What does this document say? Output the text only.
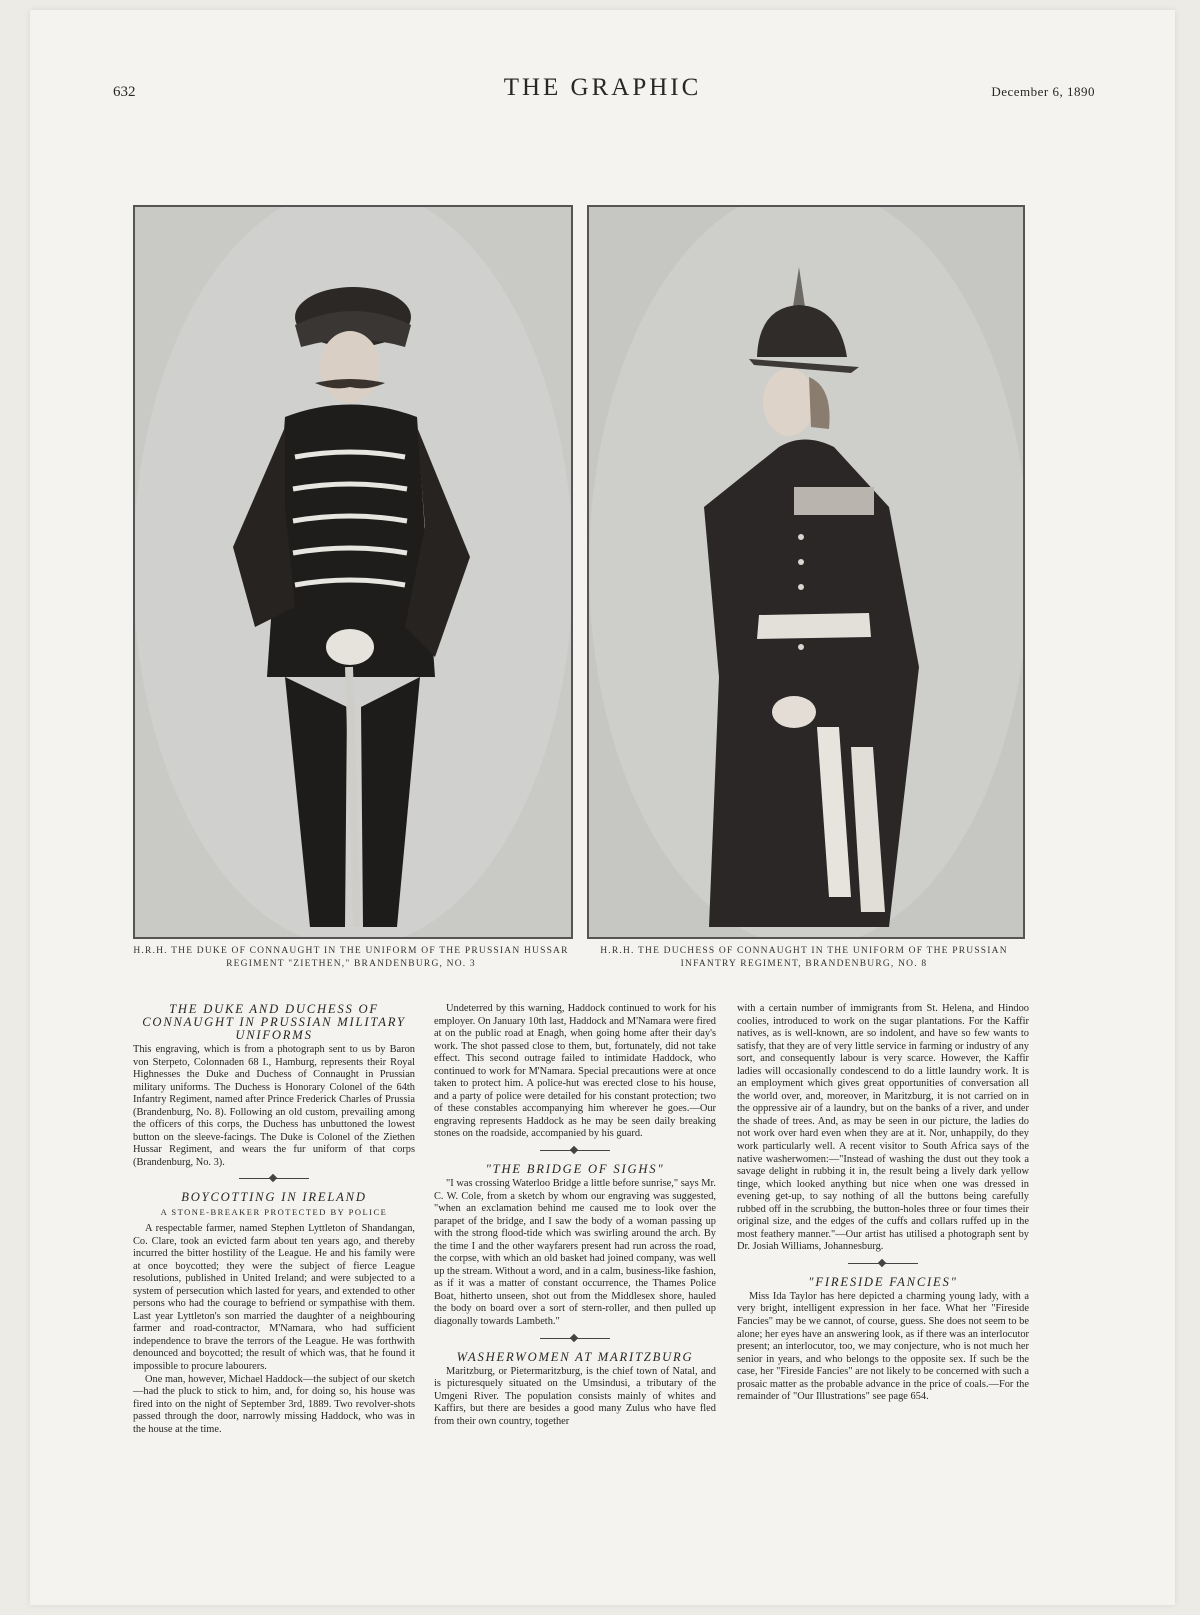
632	THE GRAPHIC	December 6, 1890
H.R.H. THE DUKE OF CONNAUGHT IN THE UNIFORM OF THE PRUSSIAN HUSSAR REGIMENT "ZIETHEN," BRANDENBURG, NO. 3
H.R.H. THE DUCHESS OF CONNAUGHT IN THE UNIFORM OF THE PRUSSIAN INFANTRY REGIMENT, BRANDENBURG, NO. 8
THE DUKE AND DUCHESS OF CONNAUGHT IN PRUSSIAN MILITARY UNIFORMS

This engraving, which is from a photograph sent to us by Baron von Sterpeto, Colonnaden 68 I., Hamburg, represents their Royal Highnesses the Duke and Duchess of Connaught in Prussian military uniforms. The Duchess is Honorary Colonel of the 64th Infantry Regiment, named after Prince Frederick Charles of Prussia (Brandenburg, No. 8). Following an old custom, prevailing among the officers of this corps, the Duchess has unbuttoned the lowest button on the sleeve-facings. The Duke is Colonel of the Ziethen Hussar Regiment, and wears the fur uniform of that corps (Brandenburg, No. 3).

BOYCOTTING IN IRELAND
A STONE-BREAKER PROTECTED BY POLICE

A respectable farmer, named Stephen Lyttleton of Shandangan, Co. Clare, took an evicted farm about ten years ago, and thereby incurred the bitter hostility of the League. He and his family were at once boycotted; they were the subject of fierce League resolutions, published in United Ireland; and were subjected to a system of persecution which lasted for years, and extended to other persons who had the courage to befriend or sympathise with them. Last year Lyttleton's son married the daughter of a neighbouring farmer and road-contractor, M'Namara, who had sufficient independence to brave the terrors of the League. He was forthwith denounced and boycotted; the result of which was, that he found it impossible to procure labourers.

One man, however, Michael Haddock—the subject of our sketch—had the pluck to stick to him, and, for doing so, his house was fired into on the night of September 3rd, 1889. Two revolver-shots passed through the door, narrowly missing Haddock, who was in the house at the time.

Undeterred by this warning, Haddock continued to work for his employer. On January 10th last, Haddock and M'Namara were fired at on the public road at Enagh, when going home after their day's work. The shot passed close to them, but, fortunately, did not take effect. This second outrage failed to intimidate Haddock, who continued to work for M'Namara. Special precautions were at once taken to protect him. A police-hut was erected close to his house, and a party of police were detailed for his constant protection; two of these constables accompanying him wherever he goes.—Our engraving represents Haddock as he may be seen daily breaking stones on the roadside, accompanied by his guard.

"THE BRIDGE OF SIGHS"

"I was crossing Waterloo Bridge a little before sunrise," says Mr. C. W. Cole, from a sketch by whom our engraving was suggested, "when an exclamation behind me caused me to look over the parapet of the bridge, and I saw the body of a woman passing up with the strong flood-tide which was swirling around the arch. By the time I and the other wayfarers present had run across the road, the corpse, with which an old basket had joined company, was well up the stream. Without a word, and in a calm, business-like fashion, as if it was a matter of constant occurrence, the Thames Police Boat, hitherto unseen, shot out from the Middlesex shore, hauled the body on board over a sort of stern-roller, and then pulled up diagonally towards Lambeth."

WASHERWOMEN AT MARITZBURG

Maritzburg, or Pietermaritzburg, is the chief town of Natal, and is picturesquely situated on the Umsindusi, a tributary of the Umgeni River. The population consists mainly of whites and Kaffirs, but there are besides a good many Zulus who have fled from their own country, together

with a certain number of immigrants from St. Helena, and Hindoo coolies, introduced to work on the sugar plantations. For the Kaffir natives, as is well-known, are so indolent, and have so few wants to satisfy, that they are of very little service in farming or industry of any sort, and consequently labour is very scarce. However, the Kaffir ladies will occasionally condescend to do a little laundry work. It is an employment which gives great opportunities of conversation all the world over, and, moreover, in Maritzburg, it is not carried on in the oppressive air of a laundry, but on the banks of a river, and under the shade of trees. And, as may be seen in our picture, the ladies do not work over hard even when they are at it. Nor, unhappily, do they work particularly well. A recent visitor to South Africa says of the native washerwomen:—"Instead of washing the dust out they took a savage delight in rubbing it in, the result being a lively dark yellow tinge, which looked anything but nice when one was dressed in evening get-up, to say nothing of all the buttons being carefully rubbed off in the scrubbing, the button-holes three or four times their original size, and the edges of the cuffs and collars ruffed up in the most feathery manner."—Our artist has utilised a photograph sent by Dr. Josiah Williams, Johannesburg.

"FIRESIDE FANCIES"

Miss Ida Taylor has here depicted a charming young lady, with a very bright, intelligent expression in her face. What her "Fireside Fancies" may be we cannot, of course, guess. She does not seem to be alone; her eyes have an answering look, as if there was an interlocutor present; an interlocutor, too, we may conjecture, who is not much her senior in years, and who belongs to the opposite sex. If such be the case, her "Fireside Fancies" are not likely to be concerned with such a prosaic matter as the probable advance in the price of coals.—For the remainder of "Our Illustrations" see page 654.
